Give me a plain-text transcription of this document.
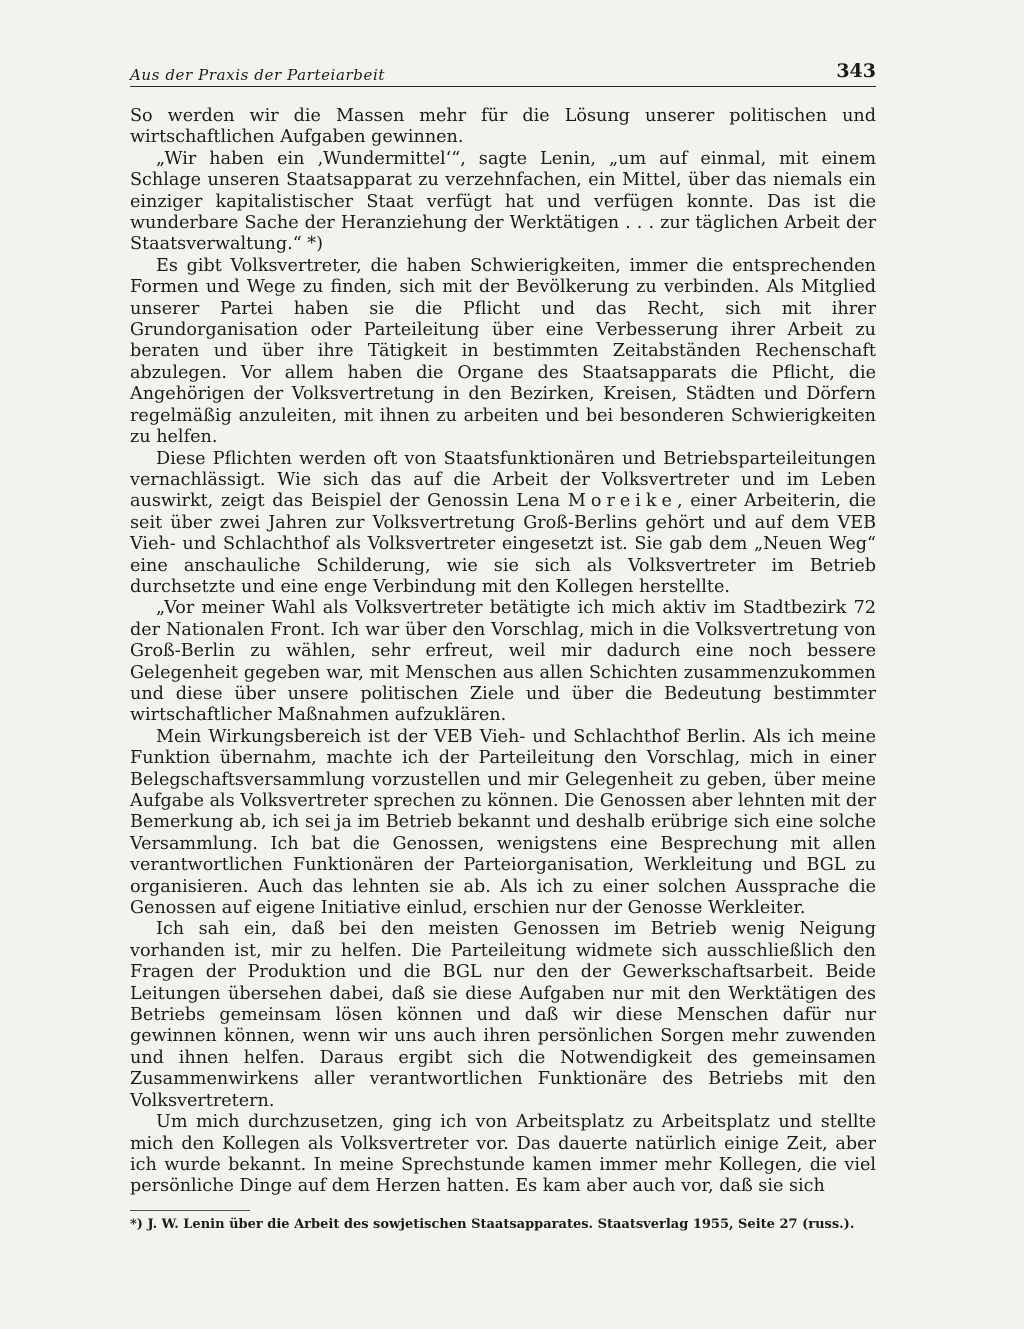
Aus der Praxis der Parteiarbeit	343

So werden wir die Massen mehr für die Lösung unserer politischen und wirtschaftlichen Aufgaben gewinnen.

„Wir haben ein ‚Wundermittel‘“, sagte Lenin, „um auf einmal, mit einem Schlage unseren Staatsapparat zu verzehnfachen, ein Mittel, über das niemals ein einziger kapitalistischer Staat verfügt hat und verfügen konnte. Das ist die wunderbare Sache der Heranziehung der Werktätigen . . . zur täglichen Arbeit der Staatsverwaltung.“ *)

Es gibt Volksvertreter, die haben Schwierigkeiten, immer die entsprechenden Formen und Wege zu finden, sich mit der Bevölkerung zu verbinden. Als Mitglied unserer Partei haben sie die Pflicht und das Recht, sich mit ihrer Grundorganisation oder Parteileitung über eine Verbesserung ihrer Arbeit zu beraten und über ihre Tätigkeit in bestimmten Zeitabständen Rechenschaft abzulegen. Vor allem haben die Organe des Staatsapparats die Pflicht, die Angehörigen der Volksvertretung in den Bezirken, Kreisen, Städten und Dörfern regelmäßig anzuleiten, mit ihnen zu arbeiten und bei besonderen Schwierigkeiten zu helfen.

Diese Pflichten werden oft von Staatsfunktionären und Betriebsparteileitungen vernachlässigt. Wie sich das auf die Arbeit der Volksvertreter und im Leben auswirkt, zeigt das Beispiel der Genossin Lena Moreike, einer Arbeiterin, die seit über zwei Jahren zur Volksvertretung Groß-Berlins gehört und auf dem VEB Vieh- und Schlachthof als Volksvertreter eingesetzt ist. Sie gab dem „Neuen Weg“ eine anschauliche Schilderung, wie sie sich als Volksvertreter im Betrieb durchsetzte und eine enge Verbindung mit den Kollegen herstellte.

„Vor meiner Wahl als Volksvertreter betätigte ich mich aktiv im Stadtbezirk 72 der Nationalen Front. Ich war über den Vorschlag, mich in die Volksvertretung von Groß-Berlin zu wählen, sehr erfreut, weil mir dadurch eine noch bessere Gelegenheit gegeben war, mit Menschen aus allen Schichten zusammenzukommen und diese über unsere politischen Ziele und über die Bedeutung bestimmter wirtschaftlicher Maßnahmen aufzuklären.

Mein Wirkungsbereich ist der VEB Vieh- und Schlachthof Berlin. Als ich meine Funktion übernahm, machte ich der Parteileitung den Vorschlag, mich in einer Belegschaftsversammlung vorzustellen und mir Gelegenheit zu geben, über meine Aufgabe als Volksvertreter sprechen zu können. Die Genossen aber lehnten mit der Bemerkung ab, ich sei ja im Betrieb bekannt und deshalb erübrige sich eine solche Versammlung. Ich bat die Genossen, wenigstens eine Besprechung mit allen verantwortlichen Funktionären der Parteiorganisation, Werkleitung und BGL zu organisieren. Auch das lehnten sie ab. Als ich zu einer solchen Aussprache die Genossen auf eigene Initiative einlud, erschien nur der Genosse Werkleiter.

Ich sah ein, daß bei den meisten Genossen im Betrieb wenig Neigung vorhanden ist, mir zu helfen. Die Parteileitung widmete sich ausschließlich den Fragen der Produktion und die BGL nur den der Gewerkschaftsarbeit. Beide Leitungen übersehen dabei, daß sie diese Aufgaben nur mit den Werktätigen des Betriebs gemeinsam lösen können und daß wir diese Menschen dafür nur gewinnen können, wenn wir uns auch ihren persönlichen Sorgen mehr zuwenden und ihnen helfen. Daraus ergibt sich die Notwendigkeit des gemeinsamen Zusammenwirkens aller verantwortlichen Funktionäre des Betriebs mit den Volksvertretern.

Um mich durchzusetzen, ging ich von Arbeitsplatz zu Arbeitsplatz und stellte mich den Kollegen als Volksvertreter vor. Das dauerte natürlich einige Zeit, aber ich wurde bekannt. In meine Sprechstunde kamen immer mehr Kollegen, die viel persönliche Dinge auf dem Herzen hatten. Es kam aber auch vor, daß sie sich

*) J. W. Lenin über die Arbeit des sowjetischen Staatsapparates. Staatsverlag 1955, Seite 27 (russ.).
